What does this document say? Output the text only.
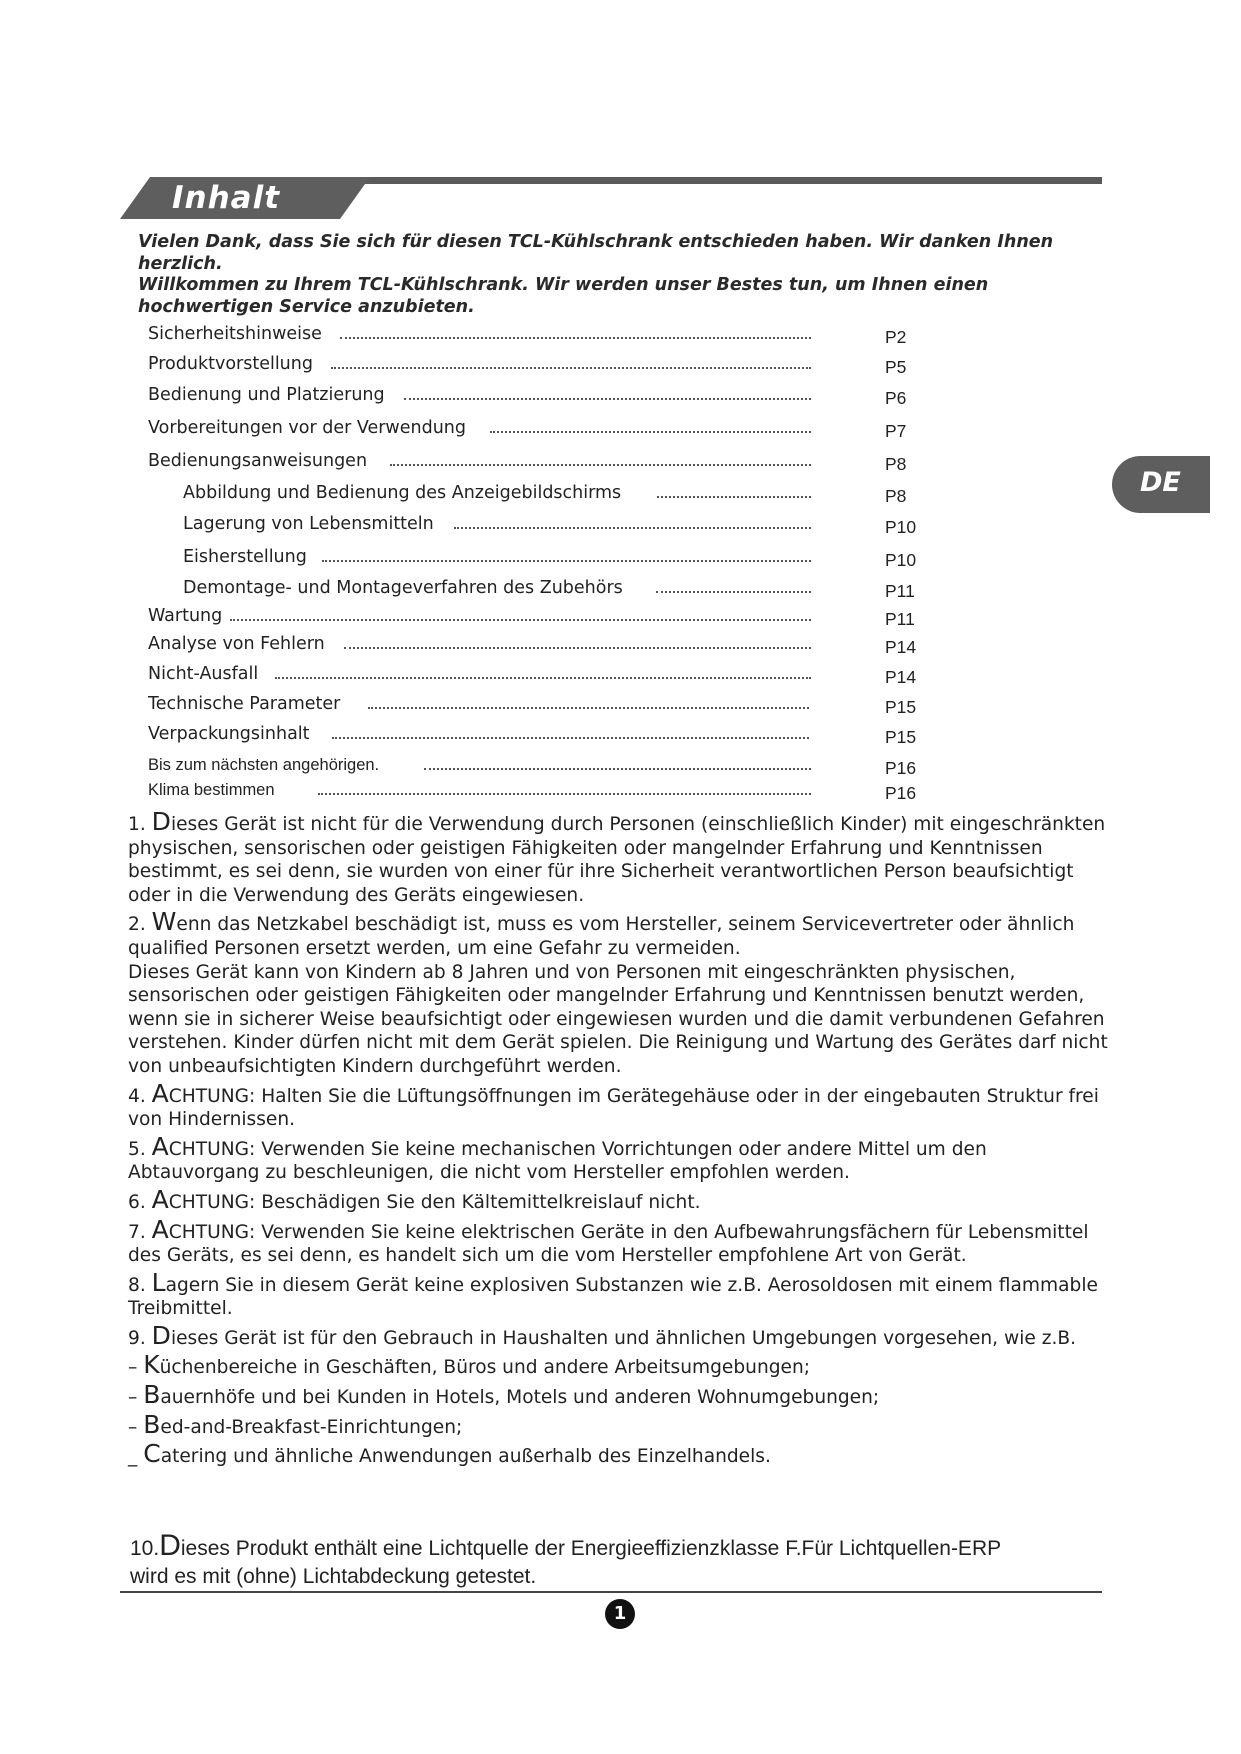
Inhalt

Vielen Dank, dass Sie sich für diesen TCL-Kühlschrank entschieden haben. Wir danken Ihnen herzlich.

Willkommen zu Ihrem TCL-Kühlschrank. Wir werden unser Bestes tun, um Ihnen einen hochwertigen Service anzubieten.

DE
Sicherheitshinweise	P2
Produktvorstellung	P5
Bedienung und Platzierung	P6
Vorbereitungen vor der Verwendung	P7
Bedienungsanweisungen	P8
Abbildung und Bedienung des Anzeigebildschirms	P8
Lagerung von Lebensmitteln	P10
Eisherstellung	P10
Demontage- und Montageverfahren des Zubehörs	P11
Wartung	P11
Analyse von Fehlern	P14
Nicht-Ausfall	P14
Technische Parameter	P15
Verpackungsinhalt	P15
Bis zum nächsten angehörigen.	P16
Klima bestimmen	P16

1. Dieses Gerät ist nicht für die Verwendung durch Personen (einschließlich Kinder) mit eingeschränkten physischen, sensorischen oder geistigen Fähigkeiten oder mangelnder Erfahrung und Kenntnissen bestimmt, es sei denn, sie wurden von einer für ihre Sicherheit verantwortlichen Person beaufsichtigt oder in die Verwendung des Geräts eingewiesen.

2. Wenn das Netzkabel beschädigt ist, muss es vom Hersteller, seinem Servicevertreter oder ähnlich qualified Personen ersetzt werden, um eine Gefahr zu vermeiden.

Dieses Gerät kann von Kindern ab 8 Jahren und von Personen mit eingeschränkten physischen, sensorischen oder geistigen Fähigkeiten oder mangelnder Erfahrung und Kenntnissen benutzt werden, wenn sie in sicherer Weise beaufsichtigt oder eingewiesen wurden und die damit verbundenen Gefahren verstehen. Kinder dürfen nicht mit dem Gerät spielen. Die Reinigung und Wartung des Gerätes darf nicht von unbeaufsichtigten Kindern durchgeführt werden.

4. ACHTUNG: Halten Sie die Lüftungsöffnungen im Gerätegehäuse oder in der eingebauten Struktur frei von Hindernissen.

5. ACHTUNG: Verwenden Sie keine mechanischen Vorrichtungen oder andere Mittel um den Abtauvorgang zu beschleunigen, die nicht vom Hersteller empfohlen werden.

6. ACHTUNG: Beschädigen Sie den Kältemittelkreislauf nicht.

7. ACHTUNG: Verwenden Sie keine elektrischen Geräte in den Aufbewahrungsfächern für Lebensmittel des Geräts, es sei denn, es handelt sich um die vom Hersteller empfohlene Art von Gerät.

8. Lagern Sie in diesem Gerät keine explosiven Substanzen wie z.B. Aerosoldosen mit einem flammable Treibmittel.

9. Dieses Gerät ist für den Gebrauch in Haushalten und ähnlichen Umgebungen vorgesehen, wie z.B.

– Küchenbereiche in Geschäften, Büros und andere Arbeitsumgebungen;

– Bauernhöfe und bei Kunden in Hotels, Motels und anderen Wohnumgebungen;

– Bed-and-Breakfast-Einrichtungen;

_ Catering und ähnliche Anwendungen außerhalb des Einzelhandels.

10.Dieses Produkt enthält eine Lichtquelle der Energieeffizienzklasse F.Für Lichtquellen-ERP wird es mit (ohne) Lichtabdeckung getestet.
1
